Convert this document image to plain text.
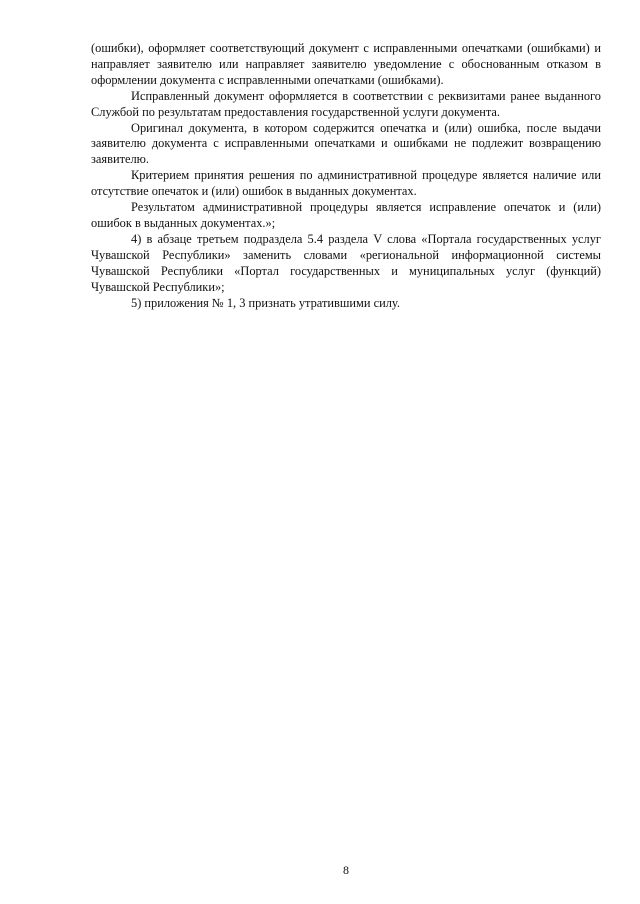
(ошибки), оформляет соответствующий документ с исправленными опечатками (ошибками) и направляет заявителю или направляет заявителю уведомление с обоснованным отказом в оформлении документа с исправленными опечатками (ошибками).

Исправленный документ оформляется в соответствии с реквизитами ранее выданного Службой по результатам предоставления государственной услуги документа.

Оригинал документа, в котором содержится опечатка и (или) ошибка, после выдачи заявителю документа с исправленными опечатками и ошибками не подлежит возвращению заявителю.

Критерием принятия решения по административной процедуре является наличие или отсутствие опечаток и (или) ошибок в выданных документах.

Результатом административной процедуры является исправление опечаток и (или) ошибок в выданных документах.»;

4) в абзаце третьем подраздела 5.4 раздела V слова «Портала государственных услуг Чувашской Республики» заменить словами «региональной информационной системы Чувашской Республики «Портал государственных и муниципальных услуг (функций) Чувашской Республики»;

5) приложения № 1, 3 признать утратившими силу.

8
